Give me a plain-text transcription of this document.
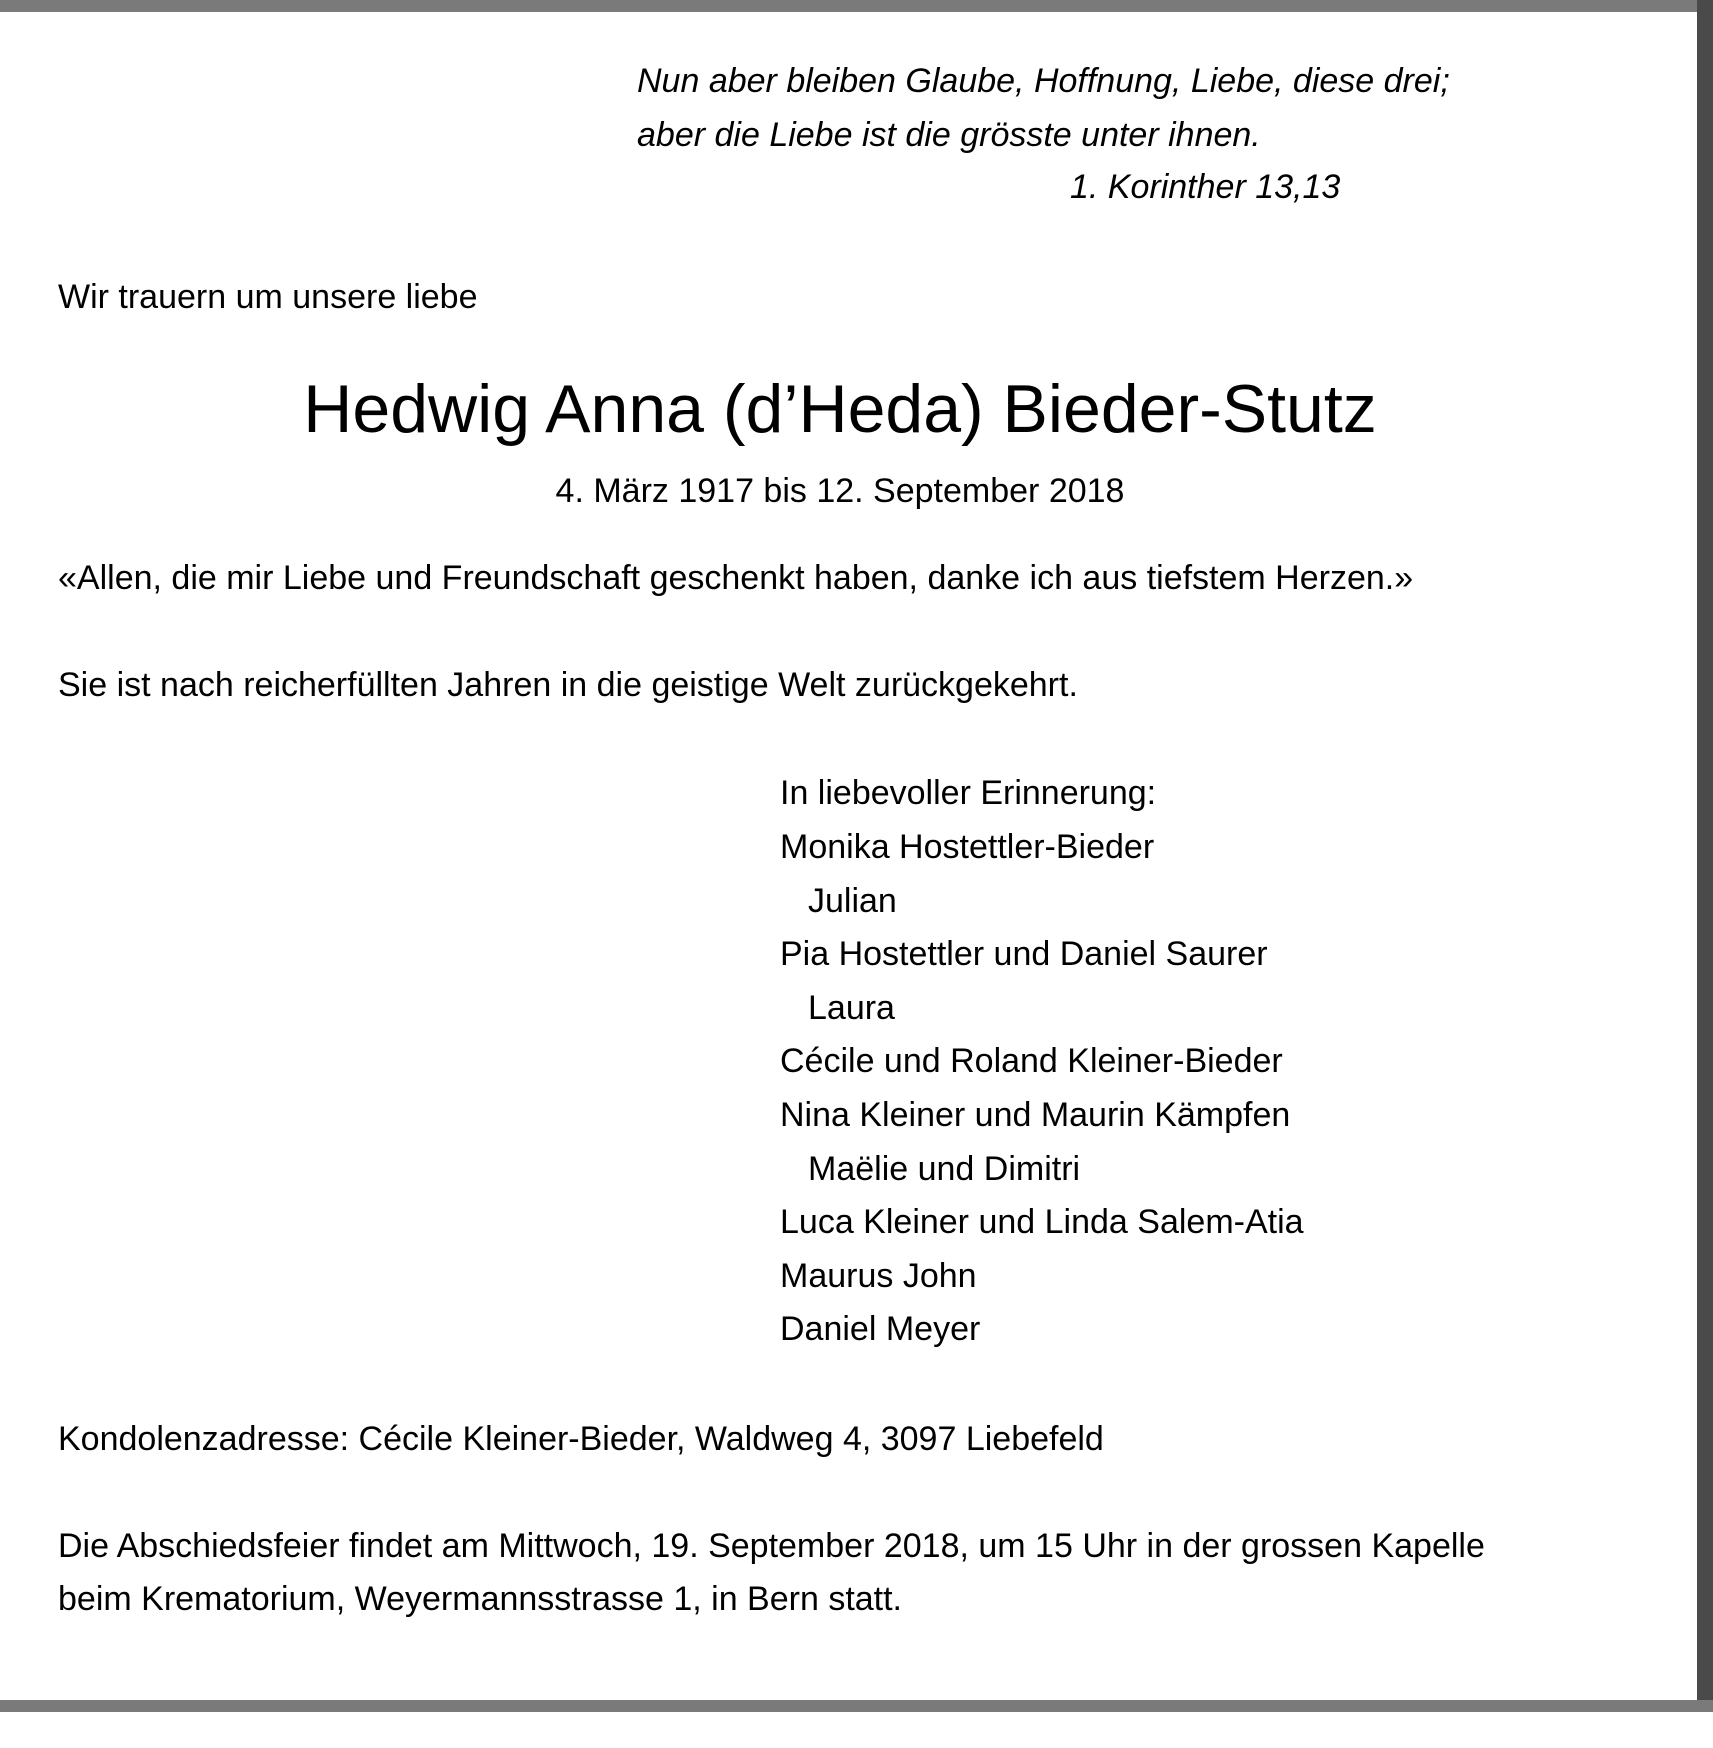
Nun aber bleiben Glaube, Hoffnung, Liebe, diese drei;
aber die Liebe ist die grösste unter ihnen.
1. Korinther 13,13
Wir trauern um unsere liebe
Hedwig Anna (d’Heda) Bieder-Stutz
4. März 1917 bis 12. September 2018
«Allen, die mir Liebe und Freundschaft geschenkt haben, danke ich aus tiefstem Herzen.»
Sie ist nach reicherfüllten Jahren in die geistige Welt zurückgekehrt.
In liebevoller Erinnerung:
Monika Hostettler-Bieder
Julian
Pia Hostettler und Daniel Saurer
Laura
Cécile und Roland Kleiner-Bieder
Nina Kleiner und Maurin Kämpfen
Maëlie und Dimitri
Luca Kleiner und Linda Salem-Atia
Maurus John
Daniel Meyer
Kondolenzadresse: Cécile Kleiner-Bieder, Waldweg 4, 3097 Liebefeld
Die Abschiedsfeier findet am Mittwoch, 19. September 2018, um 15 Uhr in der grossen Kapelle
beim Krematorium, Weyermannsstrasse 1, in Bern statt.
